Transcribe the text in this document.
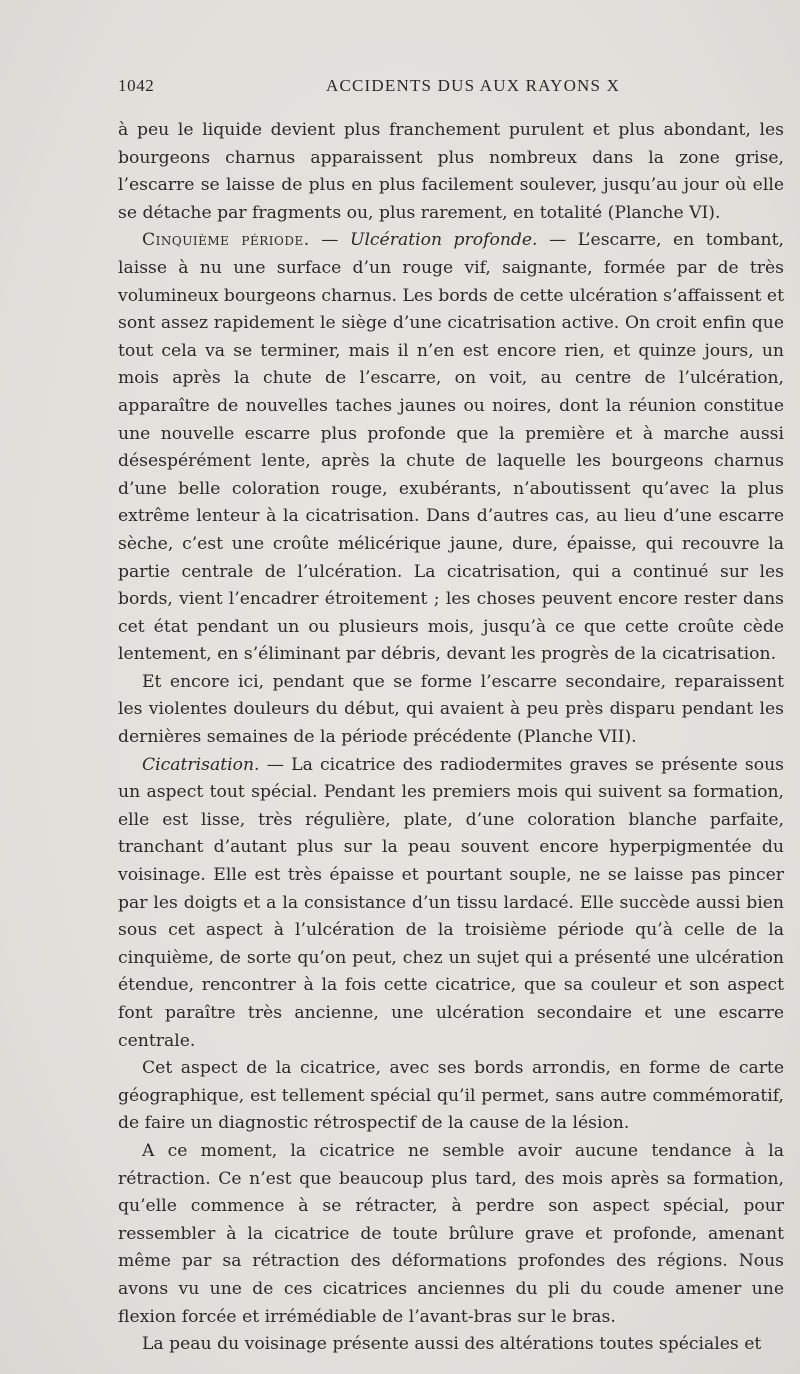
1042	ACCIDENTS DUS AUX RAYONS X

à peu le liquide devient plus franchement purulent et plus abondant, les bourgeons charnus apparaissent plus nombreux dans la zone grise, l’escarre se laisse de plus en plus facilement soulever, jusqu’au jour où elle se détache par fragments ou, plus rarement, en totalité (Planche VI).

Cinquième période. — Ulcération profonde. — L’escarre, en tombant, laisse à nu une surface d’un rouge vif, saignante, formée par de très volumineux bourgeons charnus. Les bords de cette ulcération s’affaissent et sont assez rapidement le siège d’une cicatrisation active. On croit enfin que tout cela va se terminer, mais il n’en est encore rien, et quinze jours, un mois après la chute de l’escarre, on voit, au centre de l’ulcération, apparaître de nouvelles taches jaunes ou noires, dont la réunion constitue une nouvelle escarre plus profonde que la première et à marche aussi désespérément lente, après la chute de laquelle les bourgeons charnus d’une belle coloration rouge, exubérants, n’aboutissent qu’avec la plus extrême lenteur à la cicatrisation. Dans d’autres cas, au lieu d’une escarre sèche, c’est une croûte mélicérique jaune, dure, épaisse, qui recouvre la partie centrale de l’ulcération. La cicatrisation, qui a continué sur les bords, vient l’encadrer étroitement ; les choses peuvent encore rester dans cet état pendant un ou plusieurs mois, jusqu’à ce que cette croûte cède lentement, en s’éliminant par débris, devant les progrès de la cicatrisation.

Et encore ici, pendant que se forme l’escarre secondaire, reparaissent les violentes douleurs du début, qui avaient à peu près disparu pendant les dernières semaines de la période précédente (Planche VII).

Cicatrisation. — La cicatrice des radiodermites graves se présente sous un aspect tout spécial. Pendant les premiers mois qui suivent sa formation, elle est lisse, très régulière, plate, d’une coloration blanche parfaite, tranchant d’autant plus sur la peau souvent encore hyperpigmentée du voisinage. Elle est très épaisse et pourtant souple, ne se laisse pas pincer par les doigts et a la consistance d’un tissu lardacé. Elle succède aussi bien sous cet aspect à l’ulcération de la troisième période qu’à celle de la cinquième, de sorte qu’on peut, chez un sujet qui a présenté une ulcération étendue, rencontrer à la fois cette cicatrice, que sa couleur et son aspect font paraître très ancienne, une ulcération secondaire et une escarre centrale.

Cet aspect de la cicatrice, avec ses bords arrondis, en forme de carte géographique, est tellement spécial qu’il permet, sans autre commémoratif, de faire un diagnostic rétrospectif de la cause de la lésion.

A ce moment, la cicatrice ne semble avoir aucune tendance à la rétraction. Ce n’est que beaucoup plus tard, des mois après sa formation, qu’elle commence à se rétracter, à perdre son aspect spécial, pour ressembler à la cicatrice de toute brûlure grave et profonde, amenant même par sa rétraction des déformations profondes des régions. Nous avons vu une de ces cicatrices anciennes du pli du coude amener une flexion forcée et irrémédiable de l’avant-bras sur le bras.

La peau du voisinage présente aussi des altérations toutes spéciales et
